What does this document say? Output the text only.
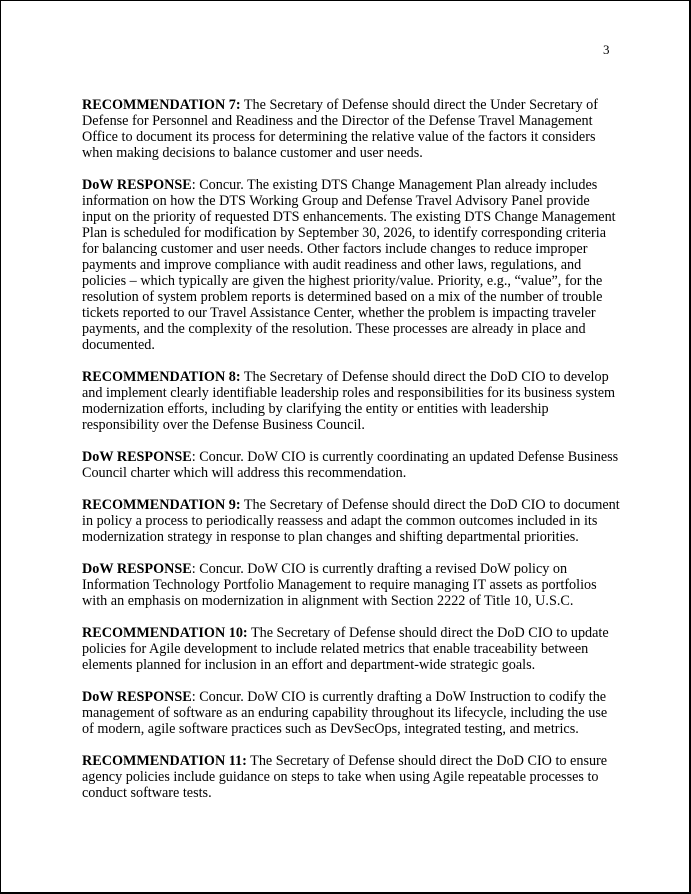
3

RECOMMENDATION 7: The Secretary of Defense should direct the Under Secretary of Defense for Personnel and Readiness and the Director of the Defense Travel Management Office to document its process for determining the relative value of the factors it considers when making decisions to balance customer and user needs.

DoW RESPONSE: Concur. The existing DTS Change Management Plan already includes information on how the DTS Working Group and Defense Travel Advisory Panel provide input on the priority of requested DTS enhancements. The existing DTS Change Management Plan is scheduled for modification by September 30, 2026, to identify corresponding criteria for balancing customer and user needs. Other factors include changes to reduce improper payments and improve compliance with audit readiness and other laws, regulations, and policies – which typically are given the highest priority/value. Priority, e.g., “value”, for the resolution of system problem reports is determined based on a mix of the number of trouble tickets reported to our Travel Assistance Center, whether the problem is impacting traveler payments, and the complexity of the resolution. These processes are already in place and documented.

RECOMMENDATION 8: The Secretary of Defense should direct the DoD CIO to develop and implement clearly identifiable leadership roles and responsibilities for its business system modernization efforts, including by clarifying the entity or entities with leadership responsibility over the Defense Business Council.

DoW RESPONSE: Concur. DoW CIO is currently coordinating an updated Defense Business Council charter which will address this recommendation.

RECOMMENDATION 9: The Secretary of Defense should direct the DoD CIO to document in policy a process to periodically reassess and adapt the common outcomes included in its modernization strategy in response to plan changes and shifting departmental priorities.

DoW RESPONSE: Concur. DoW CIO is currently drafting a revised DoW policy on Information Technology Portfolio Management to require managing IT assets as portfolios with an emphasis on modernization in alignment with Section 2222 of Title 10, U.S.C.

RECOMMENDATION 10: The Secretary of Defense should direct the DoD CIO to update policies for Agile development to include related metrics that enable traceability between elements planned for inclusion in an effort and department-wide strategic goals.

DoW RESPONSE: Concur. DoW CIO is currently drafting a DoW Instruction to codify the management of software as an enduring capability throughout its lifecycle, including the use of modern, agile software practices such as DevSecOps, integrated testing, and metrics.

RECOMMENDATION 11: The Secretary of Defense should direct the DoD CIO to ensure agency policies include guidance on steps to take when using Agile repeatable processes to conduct software tests.
